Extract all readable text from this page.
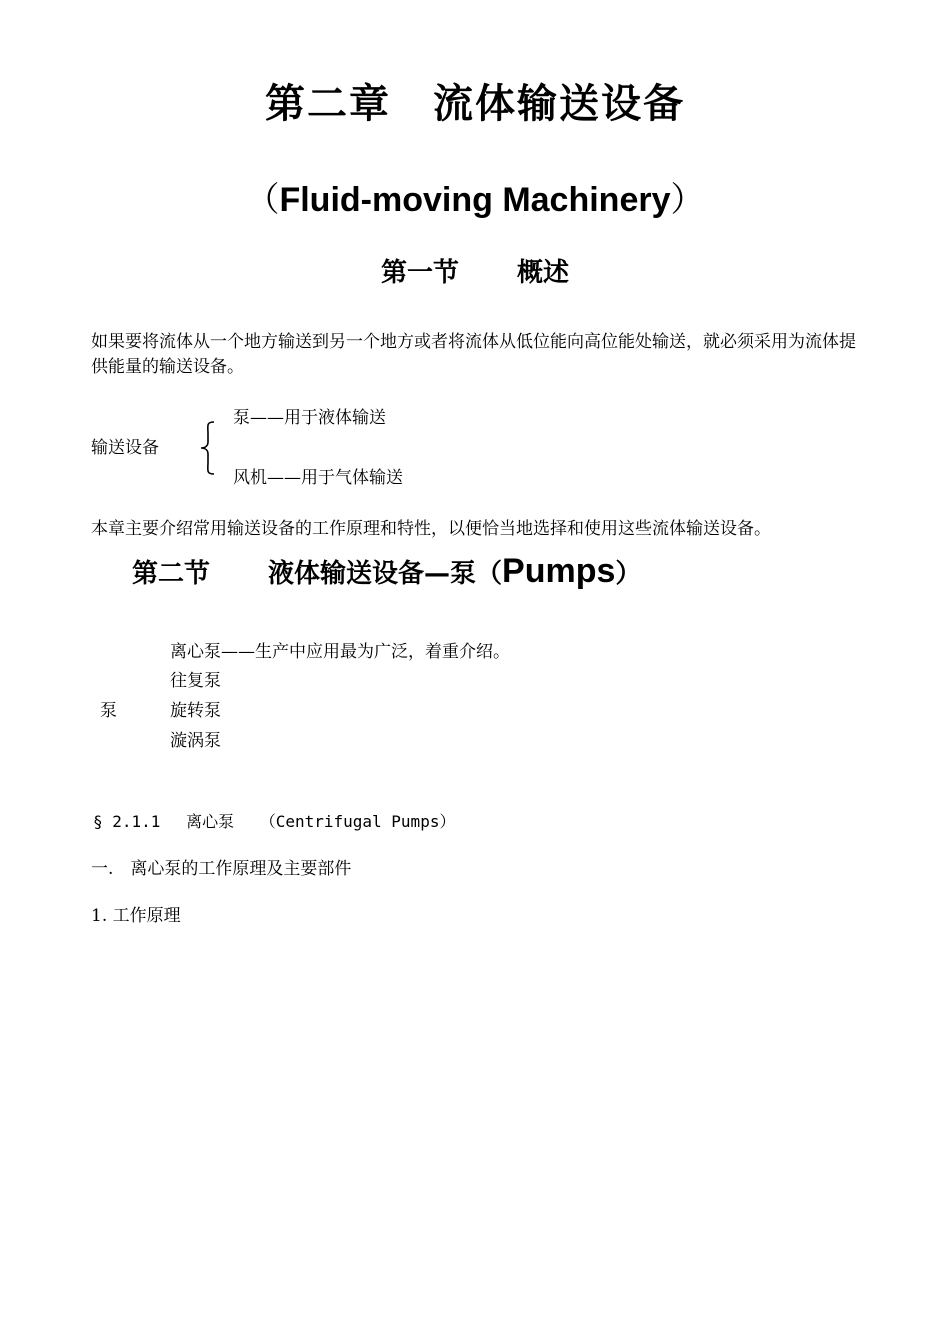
第二章　流体输送设备
（Fluid-moving Machinery）
第一节 概述
如果要将流体从一个地方输送到另一个地方或者将流体从低位能向高位能处输送，就必须采用为流体提供能量的输送设备。
泵——用于液体输送
输送设备
风机——用于气体输送
本章主要介绍常用输送设备的工作原理和特性，以便恰当地选择和使用这些流体输送设备。
第二节 液体输送设备—泵（Pumps）
离心泵——生产中应用最为广泛，着重介绍。
往复泵
泵	旋转泵
漩涡泵
§ 2.1.1　 离心泵　 （Centrifugal Pumps）
一.　离心泵的工作原理及主要部件
1. 工作原理
